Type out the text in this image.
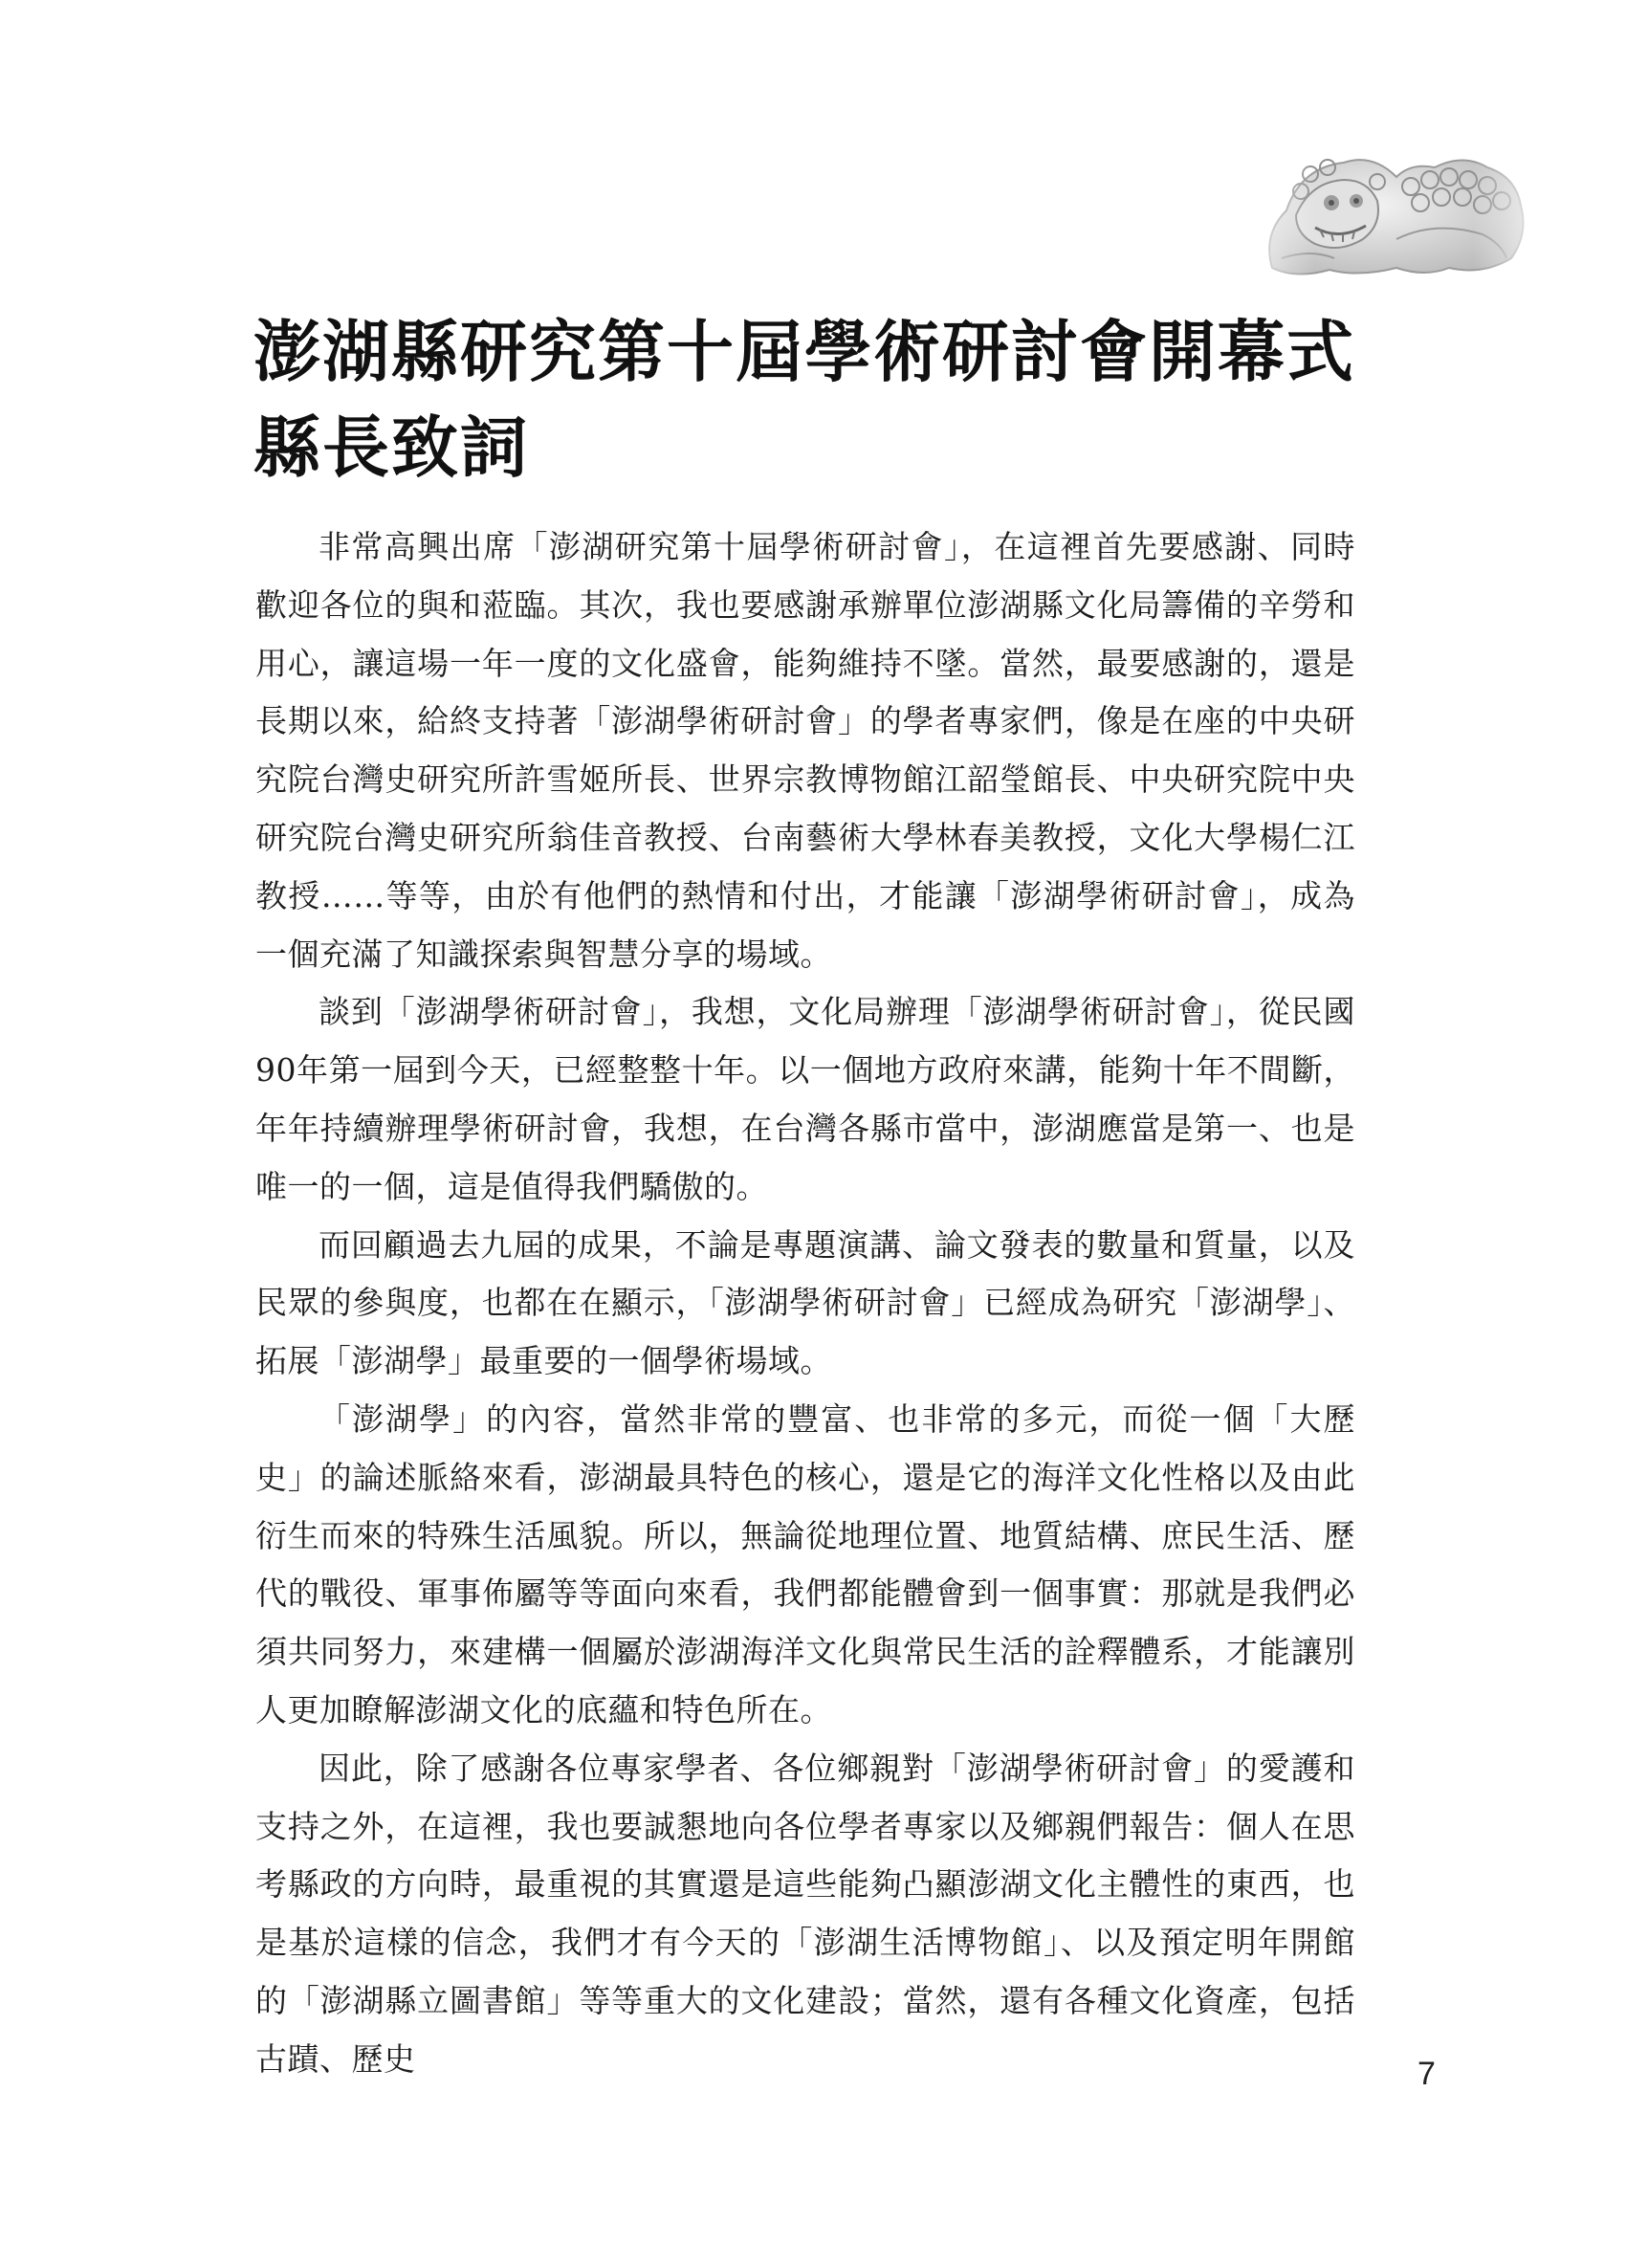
澎湖縣研究第十屆學術研討會開幕式
縣長致詞

非常高興出席「澎湖研究第十屆學術研討會」，在這裡首先要感謝、同時歡迎各位的與和蒞臨。其次，我也要感謝承辦單位澎湖縣文化局籌備的辛勞和用心，讓這場一年一度的文化盛會，能夠維持不墜。當然，最要感謝的，還是長期以來，給終支持著「澎湖學術研討會」的學者專家們，像是在座的中央研究院台灣史研究所許雪姬所長、世界宗教博物館江韶瑩館長、中央研究院中央研究院台灣史研究所翁佳音教授、台南藝術大學林春美教授，文化大學楊仁江教授……等等，由於有他們的熱情和付出，才能讓「澎湖學術研討會」，成為一個充滿了知識探索與智慧分享的場域。

談到「澎湖學術研討會」，我想，文化局辦理「澎湖學術研討會」，從民國90年第一屆到今天，已經整整十年。以一個地方政府來講，能夠十年不間斷，年年持續辦理學術研討會，我想，在台灣各縣市當中，澎湖應當是第一、也是唯一的一個，這是值得我們驕傲的。

而回顧過去九屆的成果，不論是專題演講、論文發表的數量和質量，以及民眾的參與度，也都在在顯示，「澎湖學術研討會」已經成為研究「澎湖學」、拓展「澎湖學」最重要的一個學術場域。

「澎湖學」的內容，當然非常的豐富、也非常的多元，而從一個「大歷史」的論述脈絡來看，澎湖最具特色的核心，還是它的海洋文化性格以及由此衍生而來的特殊生活風貌。所以，無論從地理位置、地質結構、庶民生活、歷代的戰役、軍事佈屬等等面向來看，我們都能體會到一個事實：那就是我們必須共同努力，來建構一個屬於澎湖海洋文化與常民生活的詮釋體系，才能讓別人更加瞭解澎湖文化的底蘊和特色所在。

因此，除了感謝各位專家學者、各位鄉親對「澎湖學術研討會」的愛護和支持之外，在這裡，我也要誠懇地向各位學者專家以及鄉親們報告：個人在思考縣政的方向時，最重視的其實還是這些能夠凸顯澎湖文化主體性的東西，也是基於這樣的信念，我們才有今天的「澎湖生活博物館」、以及預定明年開館的「澎湖縣立圖書館」等等重大的文化建設；當然，還有各種文化資產，包括古蹟、歷史	7
